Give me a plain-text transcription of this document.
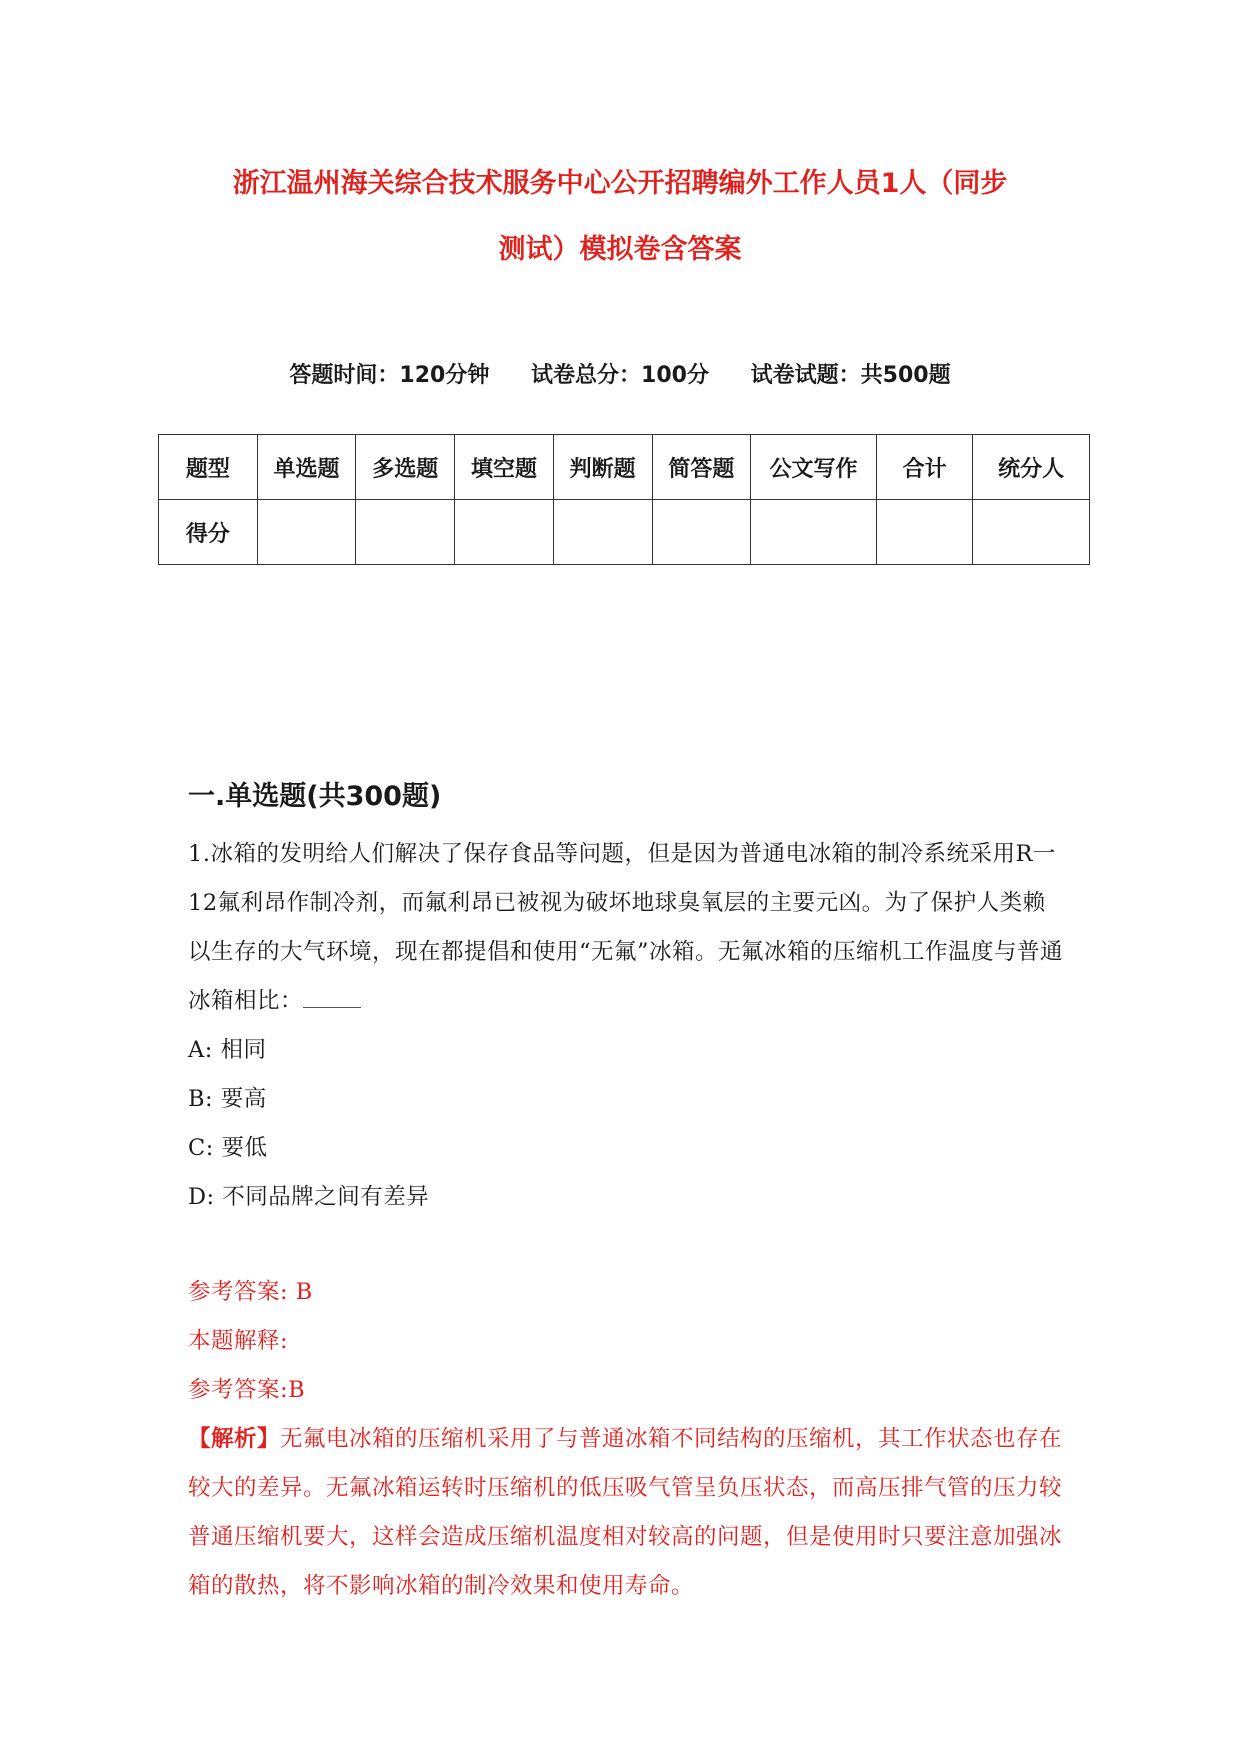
浙江温州海关综合技术服务中心公开招聘编外工作人员1人（同步
测试）模拟卷含答案
答题时间：120分钟 试卷总分：100分 试卷试题：共500题
题型	单选题	多选题	填空题	判断题	简答题	公文写作	合计	统分人
得分								
一.单选题(共300题)
1.冰箱的发明给人们解决了保存食品等问题，但是因为普通电冰箱的制冷系统采用R一12氟利昂作制冷剂，而氟利昂已被视为破坏地球臭氧层的主要元凶。为了保护人类赖以生存的大气环境，现在都提倡和使用“无氟”冰箱。无氟冰箱的压缩机工作温度与普通冰箱相比：
A: 相同
B: 要高
C: 要低
D: 不同品牌之间有差异
参考答案: B
本题解释:
参考答案:B
【解析】无氟电冰箱的压缩机采用了与普通冰箱不同结构的压缩机，其工作状态也存在较大的差异。无氟冰箱运转时压缩机的低压吸气管呈负压状态，而高压排气管的压力较普通压缩机要大，这样会造成压缩机温度相对较高的问题，但是使用时只要注意加强冰箱的散热，将不影响冰箱的制冷效果和使用寿命。
